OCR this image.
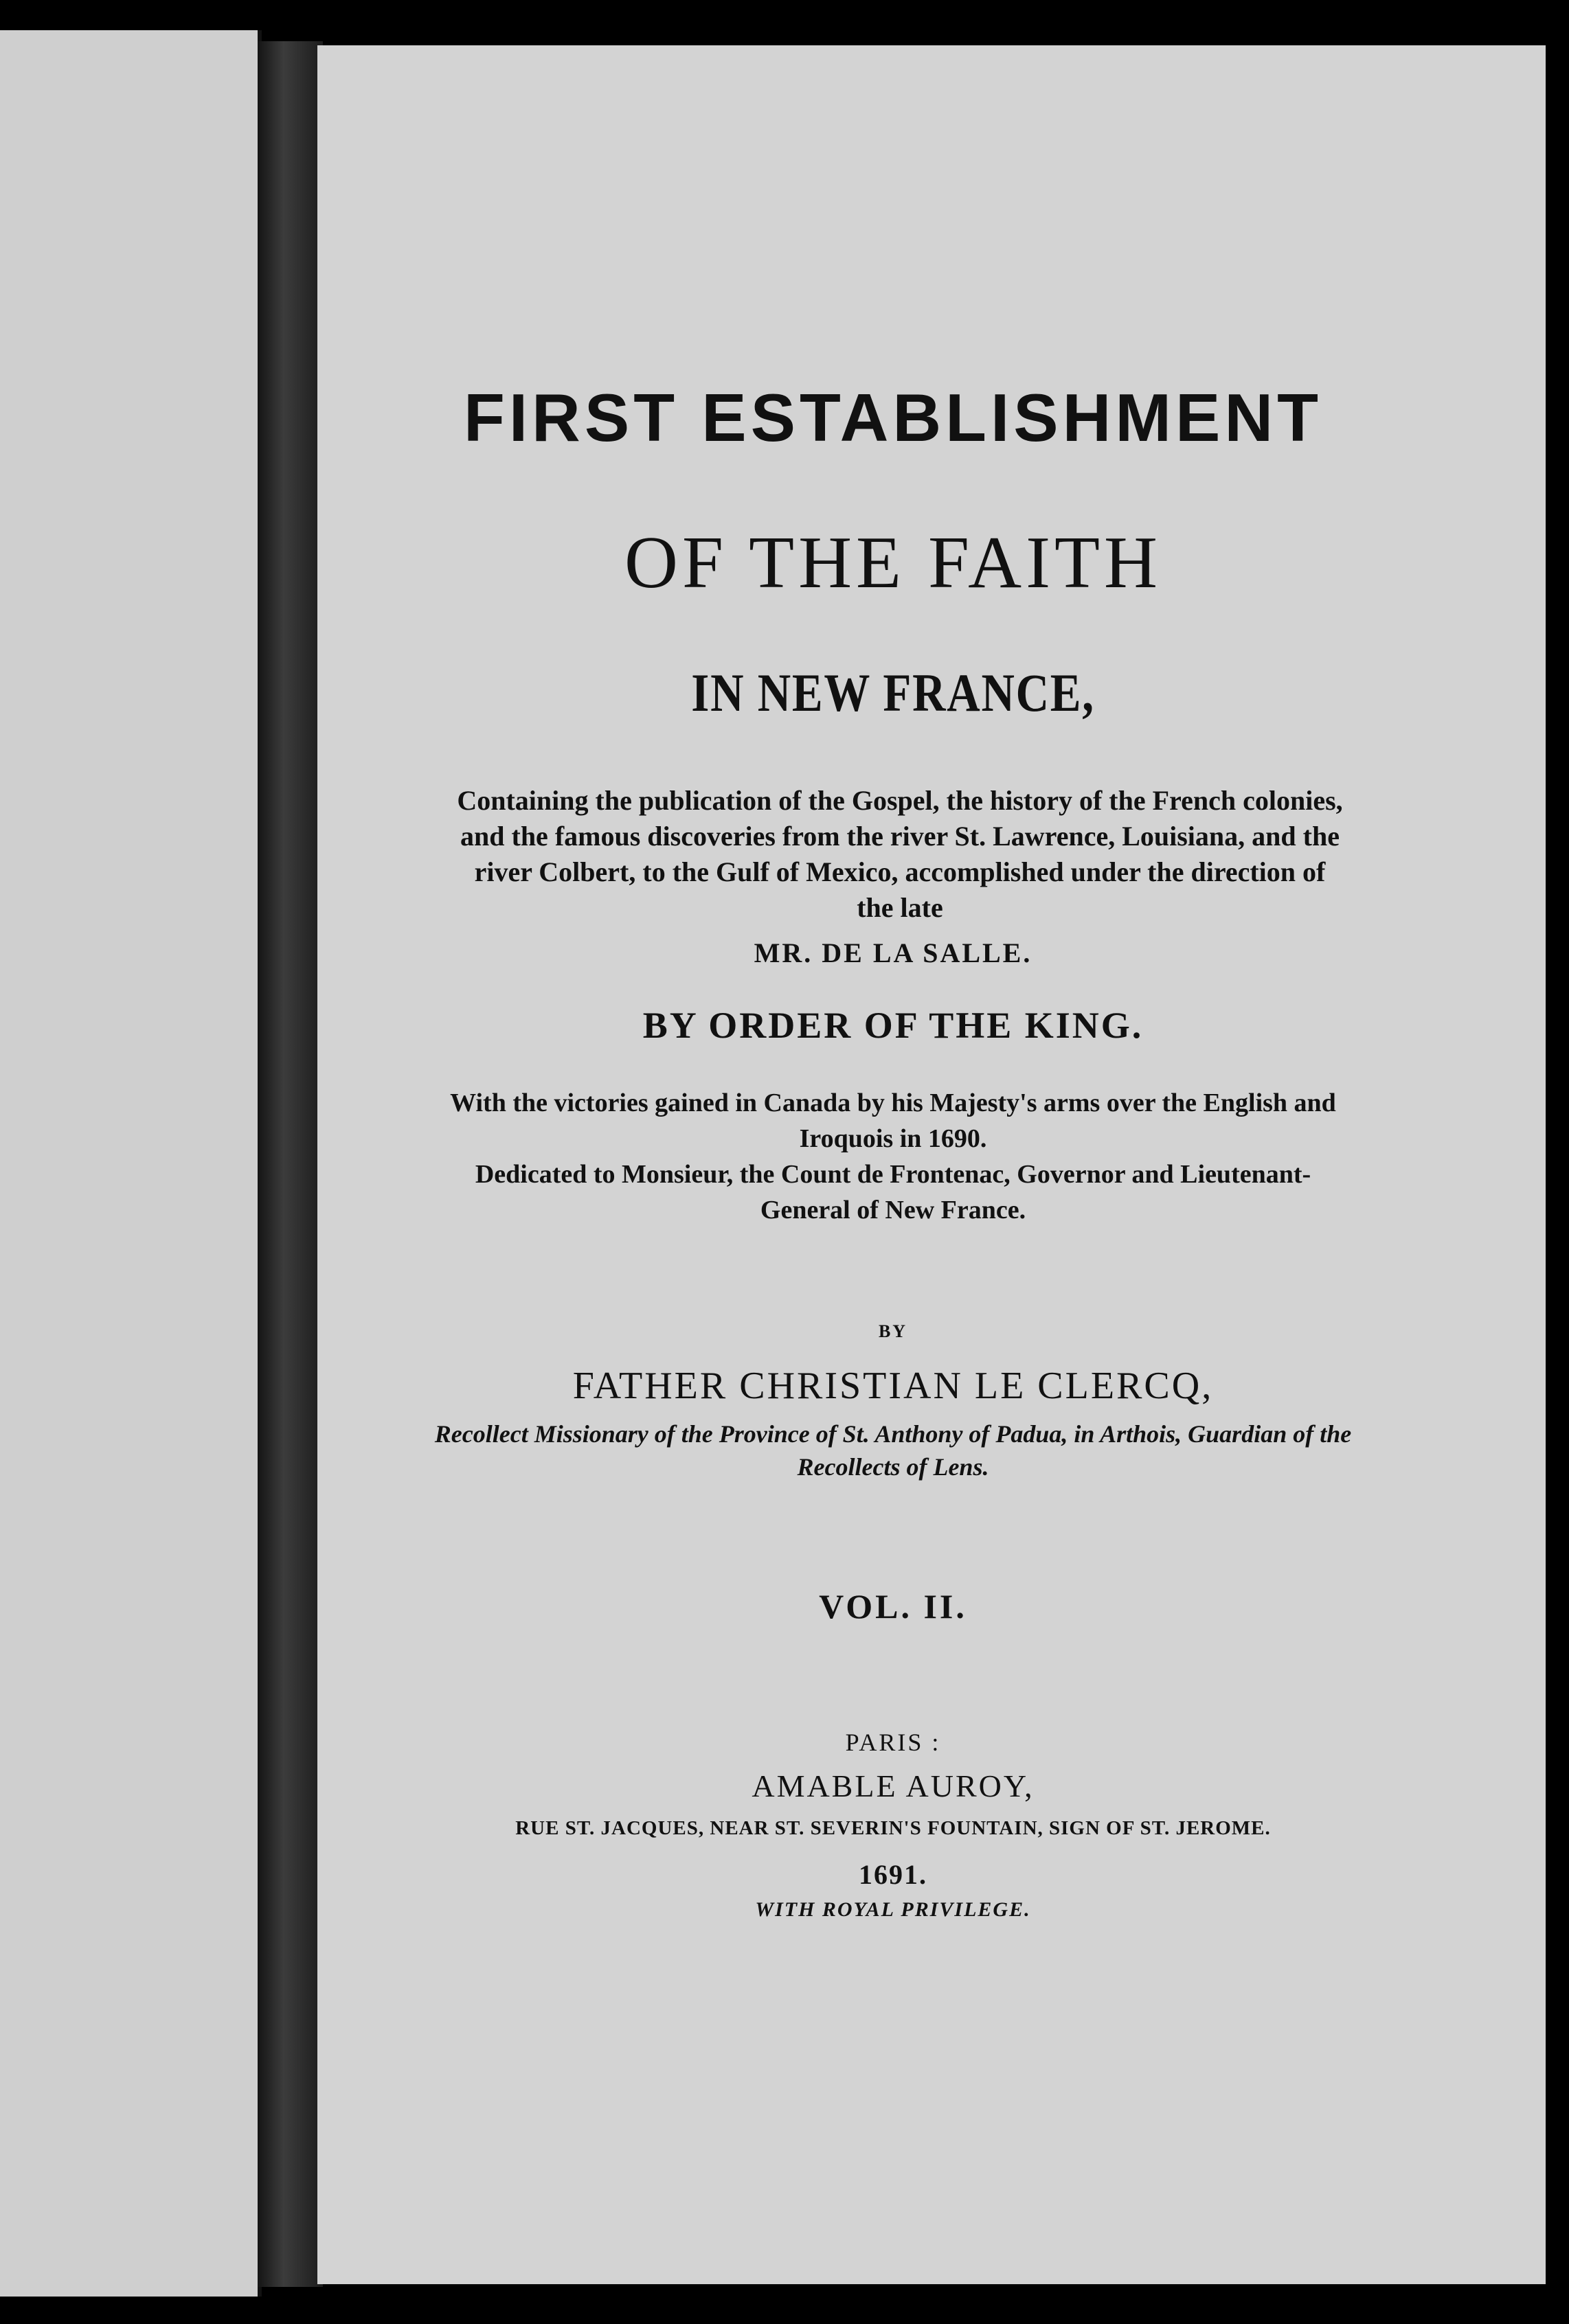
FIRST ESTABLISHMENT

OF THE FAITH

IN NEW FRANCE,

Containing the publication of the Gospel, the history of the French colonies, and the famous discoveries from the river St. Lawrence, Louisiana, and the river Colbert, to the Gulf of Mexico, accomplished under the direction of the late

MR. DE LA SALLE.

BY ORDER OF THE KING.

With the victories gained in Canada by his Majesty's arms over the English and Iroquois in 1690.
Dedicated to Monsieur, the Count de Frontenac, Governor and Lieutenant-General of New France.

BY

FATHER CHRISTIAN LE CLERCQ,

Recollect Missionary of the Province of St. Anthony of Padua, in Arthois, Guardian of the Recollects of Lens.

VOL. II.

PARIS :

AMABLE AUROY,

RUE ST. JACQUES, NEAR ST. SEVERIN'S FOUNTAIN, SIGN OF ST. JEROME.

1691.

WITH ROYAL PRIVILEGE.
